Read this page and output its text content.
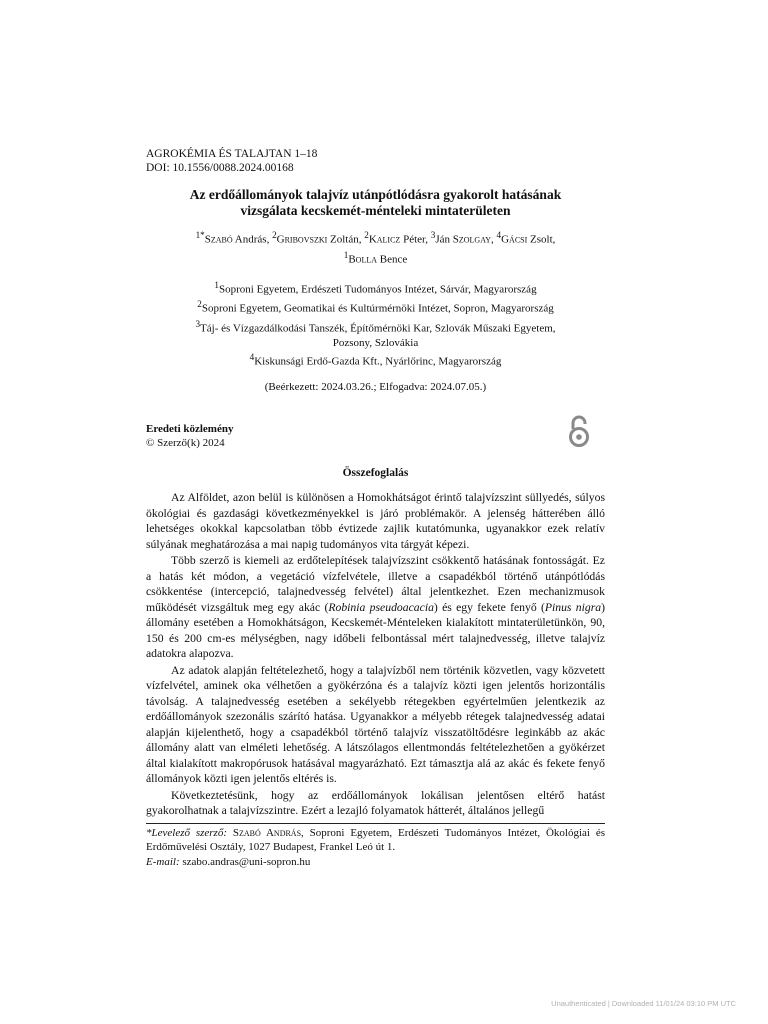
AGROKÉMIA ÉS TALAJTAN 1–18
DOI: 10.1556/0088.2024.00168
Az erdőállományok talajvíz utánpótlódásra gyakorolt hatásának
vizsgálata kecskemét-ménteleki mintaterületen
$^{1*}$Szabó András, $^2$Gribovszki Zoltán, $^2$Kalicz Péter, $^3$Ján Szolgay, $^4$Gácsi Zsolt,
$^1$Bolla Bence
$^1$Soproni Egyetem, Erdészeti Tudományos Intézet, Sárvár, Magyarország
$^2$Soproni Egyetem, Geomatikai és Kultúrmérnöki Intézet, Sopron, Magyarország
$^3$Táj- és Vízgazdálkodási Tanszék, Építőmérnöki Kar, Szlovák Műszaki Egyetem,
Pozsony, Szlovákia
$^4$Kiskunsági Erdő-Gazda Kft., Nyárlőrinc, Magyarország
(Beérkezett: 2024.03.26.; Elfogadva: 2024.07.05.)
Eredeti közlemény
© Szerző(k) 2024
Összefoglalás

Az Alföldet, azon belül is különösen a Homokhátságot érintő talajvízszint süllyedés, súlyos ökológiai és gazdasági következményekkel is járó problémakör. A jelenség hátterében álló lehetséges okokkal kapcsolatban több évtizede zajlik kutatómunka, ugyanakkor ezek relatív súlyának meghatározása a mai napig tudományos vita tárgyát képezi.

Több szerző is kiemeli az erdőtelepítések talajvízszint csökkentő hatásának fontosságát. Ez a hatás két módon, a vegetáció vízfelvétele, illetve a csapadékból történő utánpótlódás csökkentése (intercepció, talajnedvesség felvétel) által jelentkezhet. Ezen mechanizmusok működését vizsgáltuk meg egy akác (Robinia pseudoacacia) és egy fekete fenyő (Pinus nigra) állomány esetében a Homokhátságon, Kecskemét-Ménteleken kialakított mintaterületünkön, 90, 150 és 200 cm-es mélységben, nagy időbeli felbontással mért talajnedvesség, illetve talajvíz adatokra alapozva.

Az adatok alapján feltételezhető, hogy a talajvízből nem történik közvetlen, vagy közvetett vízfelvétel, aminek oka vélhetően a gyökérzóna és a talajvíz közti igen jelentős horizontális távolság. A talajnedvesség esetében a sekélyebb rétegekben egyértelműen jelentkezik az erdőállományok szezonális szárító hatása. Ugyanakkor a mélyebb rétegek talajnedvesség adatai alapján kijelenthető, hogy a csapadékból történő talajvíz visszatöltődésre leginkább az akác állomány alatt van elméleti lehetőség. A látszólagos ellentmondás feltételezhetően a gyökérzet által kialakított makropórusok hatásával magyarázható. Ezt támasztja alá az akác és fekete fenyő állományok közti igen jelentős eltérés is.

Következtetésünk, hogy az erdőállományok lokálisan jelentősen eltérő hatást gyakorolhatnak a talajvízszintre. Ezért a lezajló folyamatok hátterét, általános jellegű

*Levelező szerző: Szabó András, Soproni Egyetem, Erdészeti Tudományos Intézet, Ökológiai és Erdőművelési Osztály, 1027 Budapest, Frankel Leó út 1.
E-mail: szabo.andras@uni-sopron.hu
Unauthenticated | Downloaded 11/01/24 03:10 PM UTC
